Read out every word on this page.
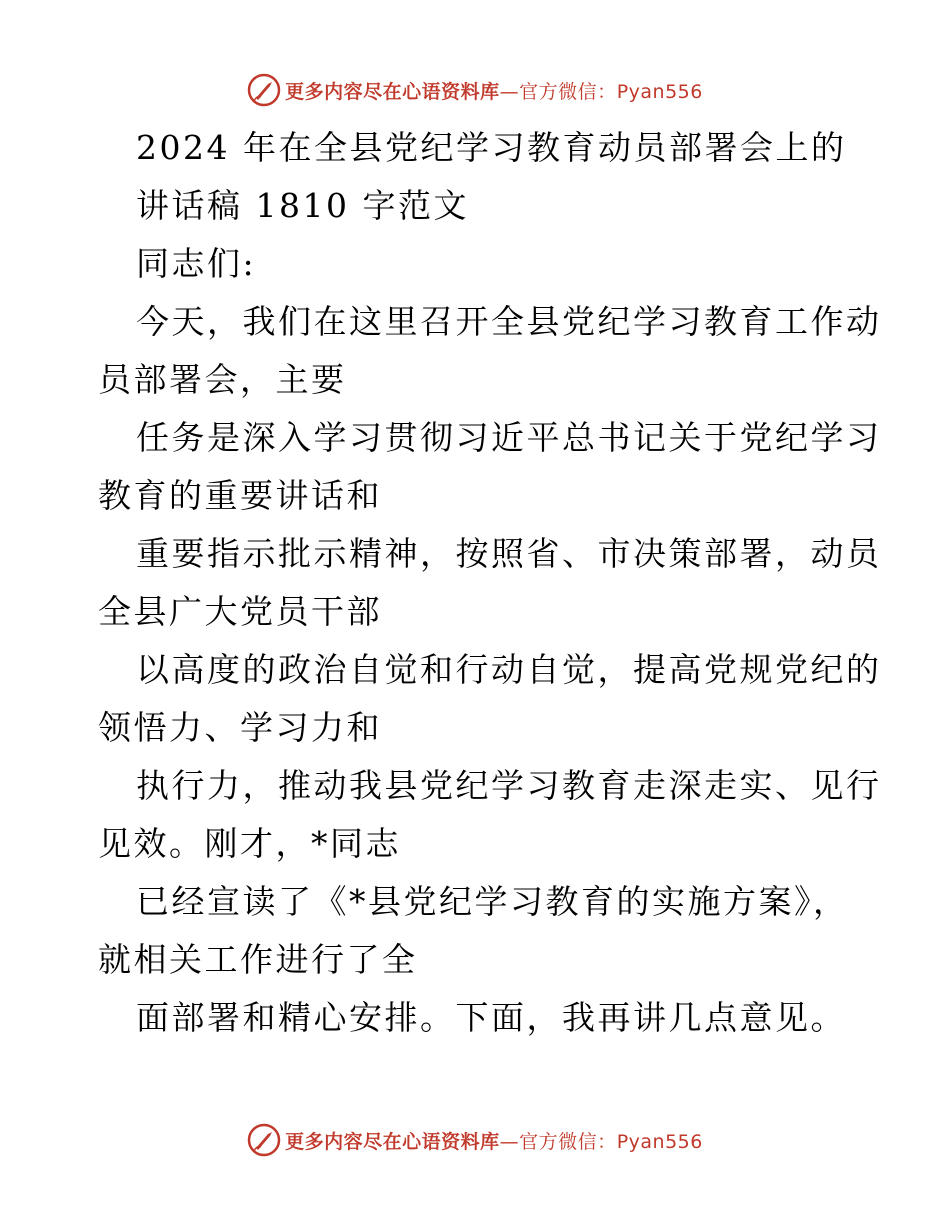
更多内容尽在心语资料库—官方微信：Pyan556
2024 年在全县党纪学习教育动员部署会上的
讲话稿 1810 字范文
同志们:
今天，我们在这里召开全县党纪学习教育工作动
员部署会，主要
任务是深入学习贯彻习近平总书记关于党纪学习
教育的重要讲话和
重要指示批示精神，按照省、市决策部署，动员
全县广大党员干部
以高度的政治自觉和行动自觉，提高党规党纪的
领悟力、学习力和
执行力，推动我县党纪学习教育走深走实、见行
见效。刚才，*同志
已经宣读了《*县党纪学习教育的实施方案》，
就相关工作进行了全
面部署和精心安排。下面，我再讲几点意见。
更多内容尽在心语资料库—官方微信：Pyan556
